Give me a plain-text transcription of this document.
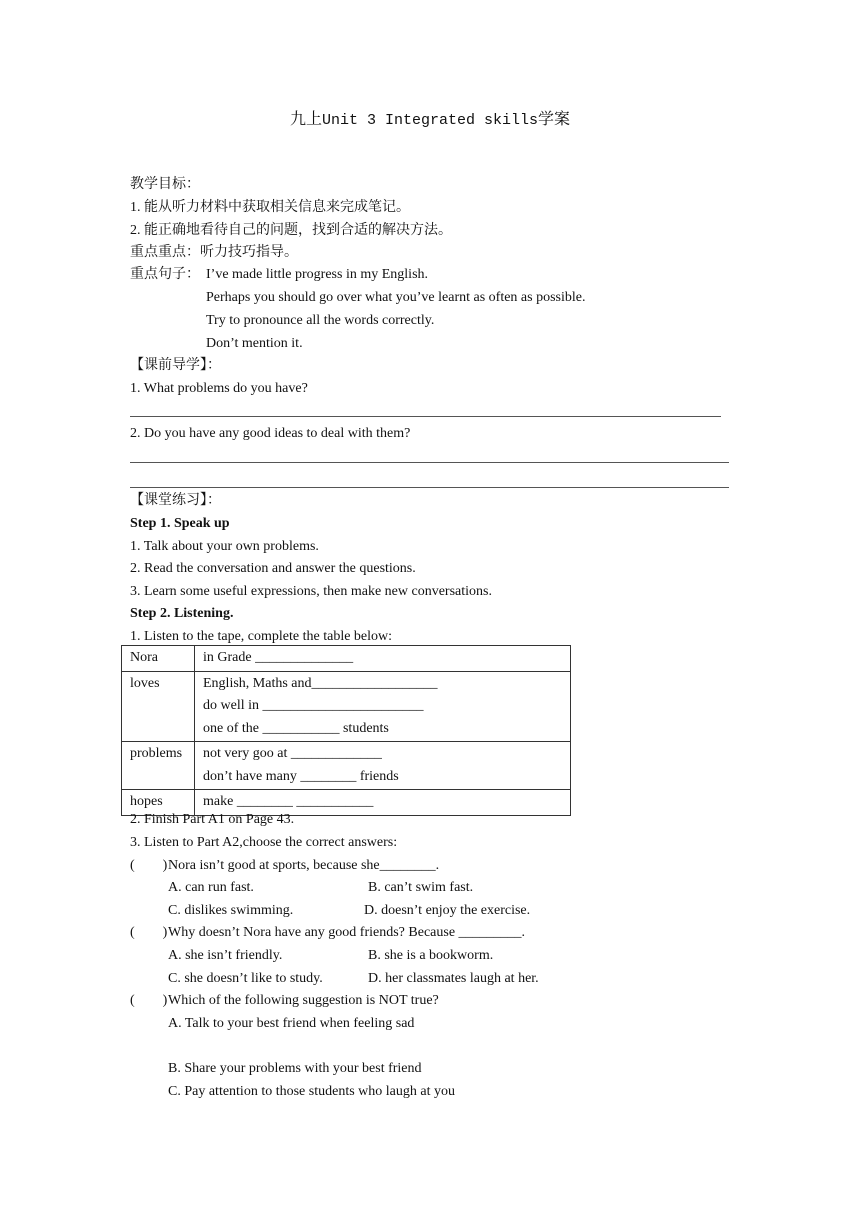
九上Unit 3 Integrated skills学案
教学目标：
1. 能从听力材料中获取相关信息来完成笔记。
2. 能正确地看待自己的问题，找到合适的解决方法。
重点重点：听力技巧指导。
重点句子： I’ve made little progress in my English.
Perhaps you should go over what you’ve learnt as often as possible.
Try to pronounce all the words correctly.
Don’t mention it.
【课前导学】：
1. What problems do you have?
2. Do you have any good ideas to deal with them?
【课堂练习】：
Step 1. Speak up
1. Talk about your own problems.
2. Read the conversation and answer the questions.
3. Learn some useful expressions, then make new conversations.
Step 2. Listening.
1. Listen to the tape, complete the table below:
Nora	in Grade ______________
loves	English, Maths and__________________
do well in _______________________
one of the ___________ students

problems	not very goo at _____________
don’t have many ________ friends

hopes	make ________ ___________
2. Finish Part A1 on Page 43.
3. Listen to Part A2,choose the correct answers:
(        ) Nora isn’t good at sports, because she________.
A. can run fast.	B. can’t swim fast.
C. dislikes swimming.	D. doesn’t enjoy the exercise.
(        ) Why doesn’t Nora have any good friends? Because _________.
A. she isn’t friendly.	B. she is a bookworm.
C. she doesn’t like to study.	D. her classmates laugh at her.
(        ) Which of the following suggestion is NOT true?
A. Talk to your best friend when feeling sad
B. Share your problems with your best friend
C. Pay attention to those students who laugh at you
